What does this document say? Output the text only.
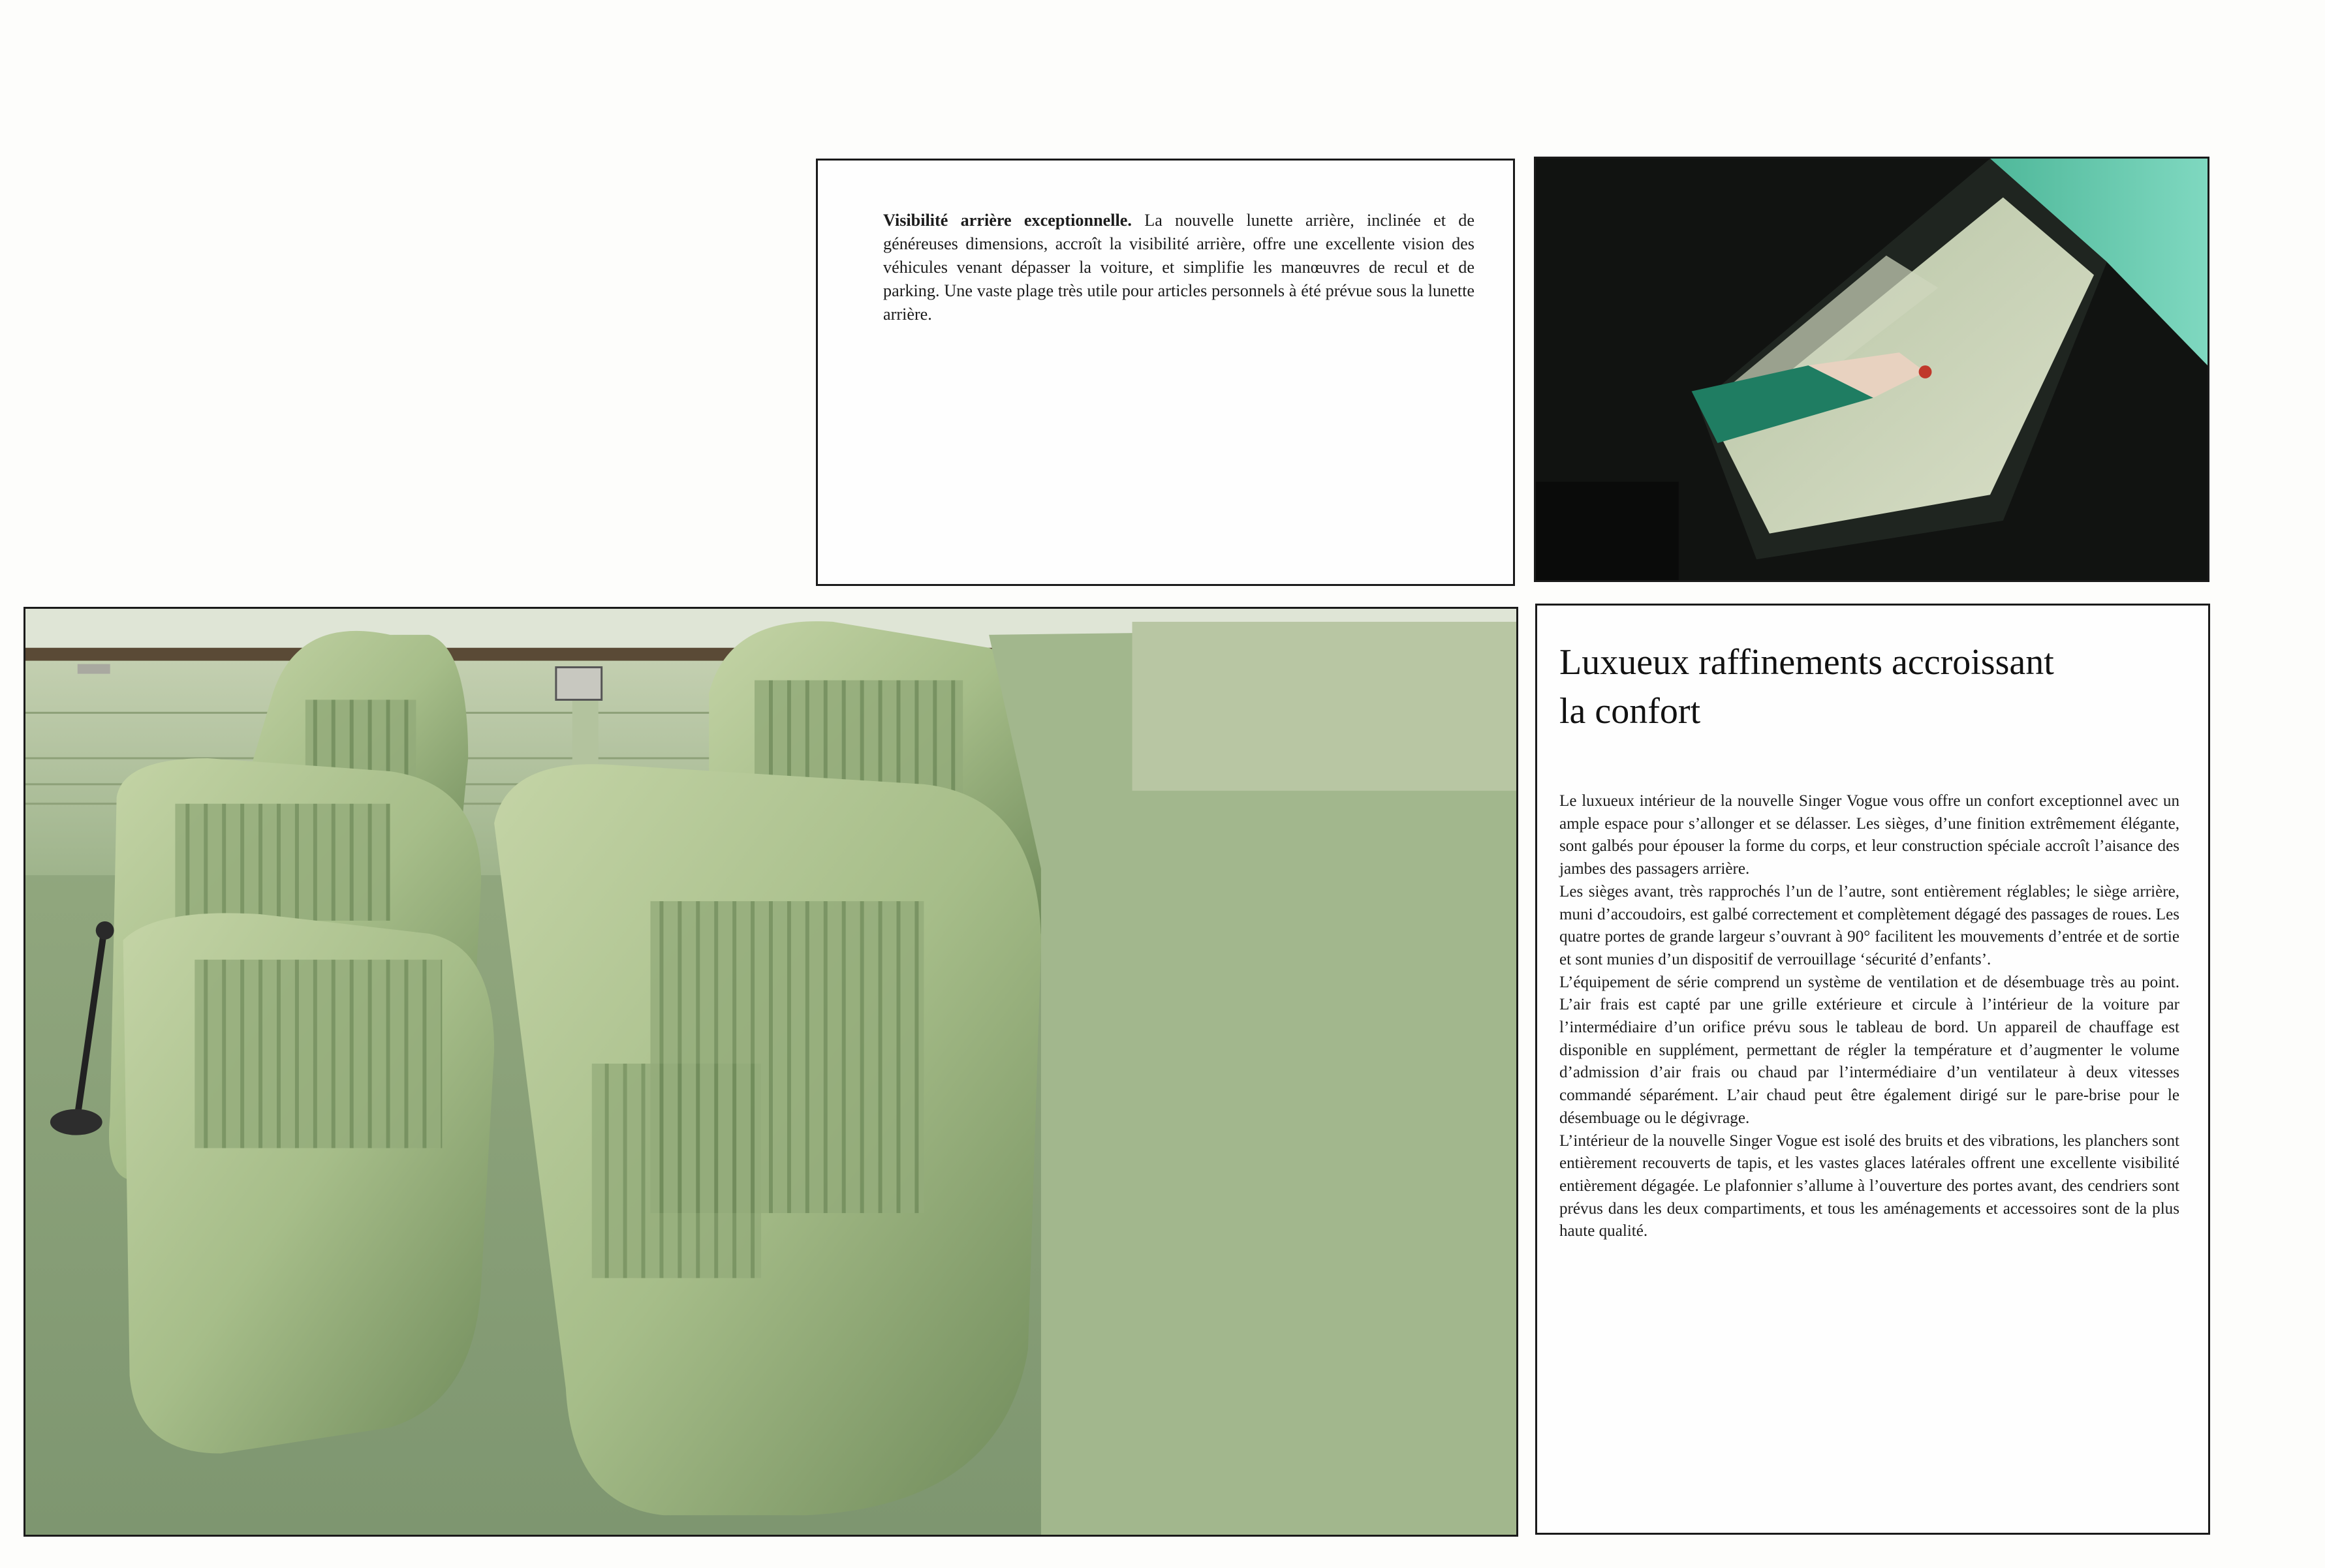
Visibilité arrière exceptionnelle. La nouvelle lunette arrière, inclinée et de généreuses dimensions, accroît la visibilité arrière, offre une excellente vision des véhicules venant dépasser la voiture, et simplifie les manœuvres de recul et de parking. Une vaste plage très utile pour articles personnels à été prévue sous la lunette arrière.
Luxueux raffinements accroissant
la confort

Le luxueux intérieur de la nouvelle Singer Vogue vous offre un confort exceptionnel avec un ample espace pour s’allonger et se délasser. Les sièges, d’une finition extrêmement élégante, sont galbés pour épouser la forme du corps, et leur construction spéciale accroît l’aisance des jambes des passagers arrière.

Les sièges avant, très rapprochés l’un de l’autre, sont entièrement réglables; le siège arrière, muni d’accoudoirs, est galbé correctement et complètement dégagé des passages de roues. Les quatre portes de grande largeur s’ouvrant à 90° facilitent les mouvements d’entrée et de sortie et sont munies d’un dispositif de verrouillage ‘sécurité d’enfants’.

L’équipement de série comprend un système de ventilation et de désembuage très au point. L’air frais est capté par une grille extérieure et circule à l’intérieur de la voiture par l’intermédiaire d’un orifice prévu sous le tableau de bord. Un appareil de chauffage est disponible en supplément, permettant de régler la température et d’augmenter le volume d’admission d’air frais ou chaud par l’intermédiaire d’un ventilateur à deux vitesses commandé séparément. L’air chaud peut être également dirigé sur le pare-brise pour le désembuage ou le dégivrage.

L’intérieur de la nouvelle Singer Vogue est isolé des bruits et des vibrations, les planchers sont entièrement recouverts de tapis, et les vastes glaces latérales offrent une excellente visibilité entièrement dégagée. Le plafonnier s’allume à l’ouverture des portes avant, des cendriers sont prévus dans les deux compartiments, et tous les aménagements et accessoires sont de la plus haute qualité.
